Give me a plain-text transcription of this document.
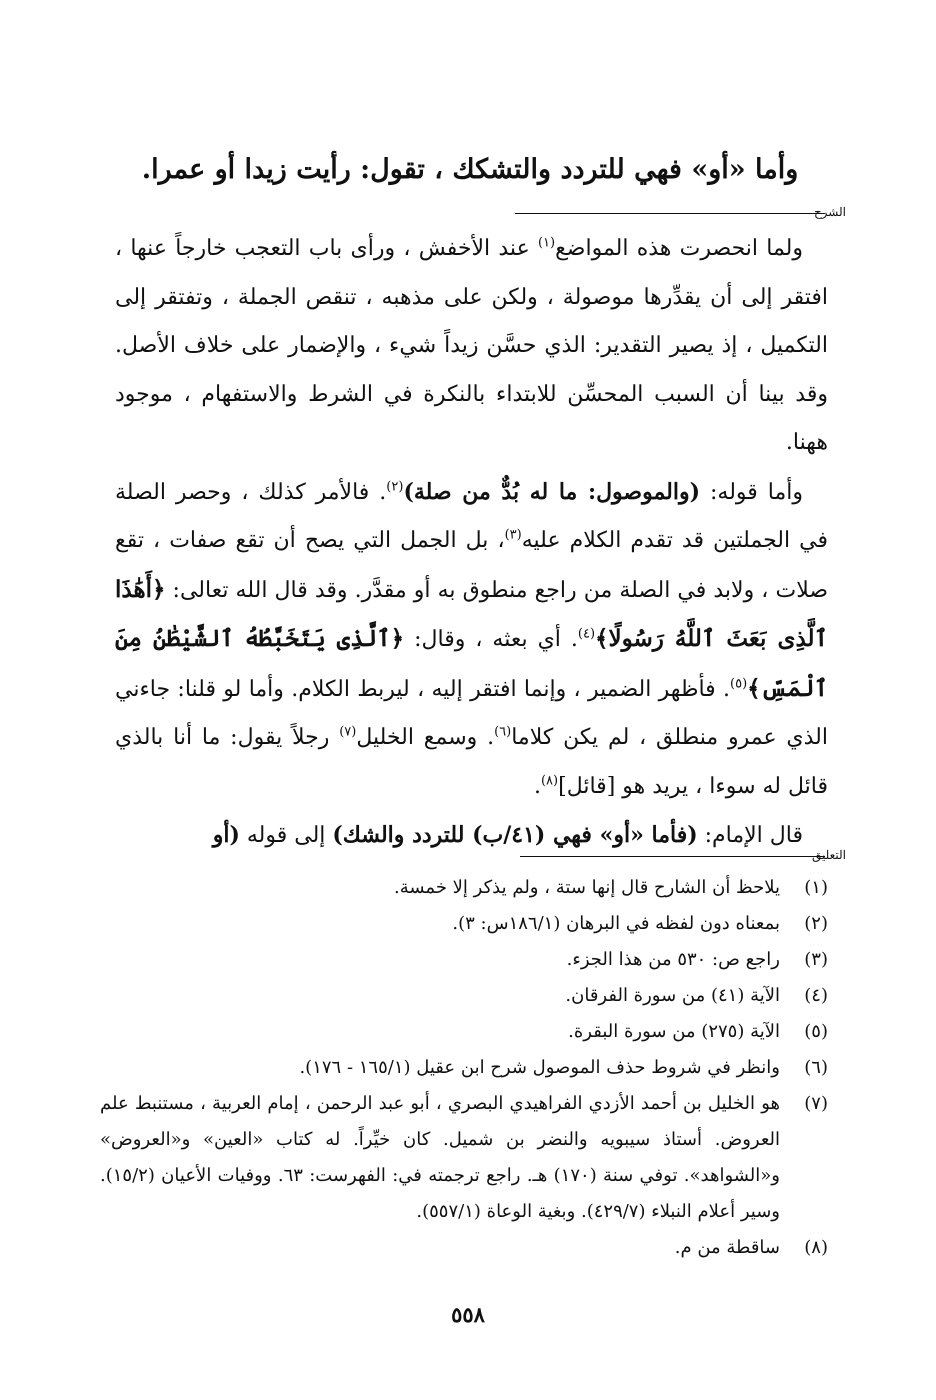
وأما «أو» فهي للتردد والتشكك ، تقول: رأيت زيدا أو عمرا.
الشرح

ولما انحصرت هذه المواضع$^{(١)}$ عند الأخفش ، ورأى باب التعجب خارجاً عنها ، افتقر إلى أن يقدِّرها موصولة ، ولكن على مذهبه ، تنقص الجملة ، وتفتقر إلى التكميل ، إذ يصير التقدير: الذي حسَّن زيداً شيء ، والإضمار على خلاف الأصل. وقد بينا أن السبب المحسِّن للابتداء بالنكرة في الشرط والاستفهام ، موجود ههنا.

وأما قوله: (والموصول: ما له بُدٌّ من صلة)$^{(٢)}$. فالأمر كذلك ، وحصر الصلة في الجملتين قد تقدم الكلام عليه$^{(٣)}$، بل الجمل التي يصح أن تقع صفات ، تقع صلات ، ولابد في الصلة من راجع منطوق به أو مقدَّر. وقد قال الله تعالى: ﴿أَهَٰذَا ٱلَّذِى بَعَثَ ٱللَّهُ رَسُولًا﴾$^{(٤)}$. أي بعثه ، وقال: ﴿ٱلَّذِى يَتَخَبَّطُهُ ٱلشَّيْطَٰنُ مِنَ ٱلْمَسِّ﴾$^{(٥)}$. فأظهر الضمير ، وإنما افتقر إليه ، ليربط الكلام. وأما لو قلنا: جاءني الذي عمرو منطلق ، لم يكن كلاما$^{(٦)}$. وسمع الخليل$^{(٧)}$ رجلاً يقول: ما أنا بالذي قائل له سوءا ، يريد هو [قائل]$^{(٨)}$.

قال الإمام: (فأما «أو» فهي (٤١/ب) للتردد والشك) إلى قوله (أو

التعليق
(١)
يلاحظ أن الشارح قال إنها ستة ، ولم يذكر إلا خمسة.
(٢)
بمعناه دون لفظه في البرهان (١٨٦/١س: ٣).
(٣)
راجع ص: ٥٣٠ من هذا الجزء.
(٤)
الآية (٤١) من سورة الفرقان.
(٥)
الآية (٢٧٥) من سورة البقرة.
(٦)
وانظر في شروط حذف الموصول شرح ابن عقيل (١٦٥/١ - ١٧٦).
(٧)
هو الخليل بن أحمد الأزدي الفراهيدي البصري ، أبو عبد الرحمن ، إمام العربية ، مستنبط علم العروض. أستاذ سيبويه والنضر بن شميل. كان خيِّراً. له كتاب «العين» و«العروض» و«الشواهد». توفي سنة (١٧٠) هـ. راجع ترجمته في: الفهرست: ٦٣. ووفيات الأعيان (١٥/٢). وسير أعلام النبلاء (٤٢٩/٧). وبغية الوعاة (٥٥٧/١).
(٨)
ساقطة من م.
٥٥٨
